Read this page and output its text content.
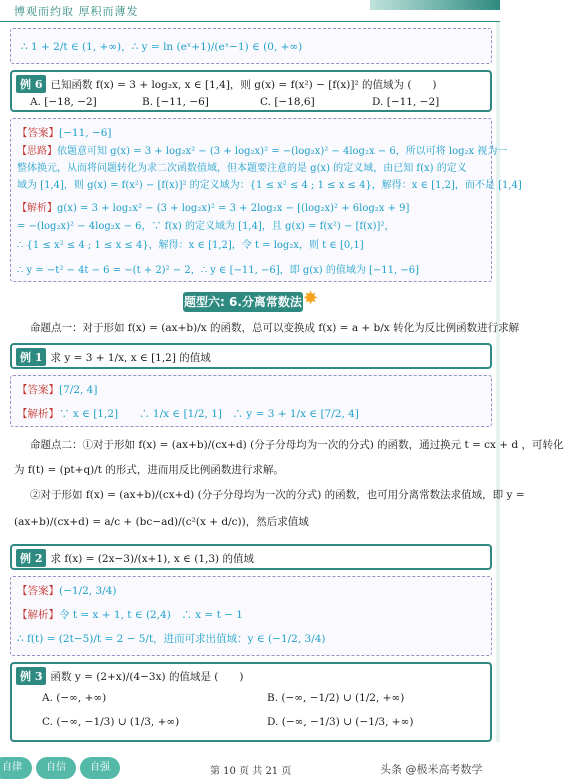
博观而约取 厚积而薄发
∴ 1 + 2/t ∈ (1, +∞)，∴ y = ln (eˣ+1)/(eˣ−1) ∈ (0, +∞)
例 6 已知函数 f(x) = 3 + log₂x, x ∈ [1,4]，则 g(x) = f(x²) − [f(x)]² 的值域为 (　　)
A. [−18, −2]	B. [−11, −6]	C. [−18,6]	D. [−11, −2]
【答案】[−11, −6]
【思路】依题意可知 g(x) = 3 + log₂x² − (3 + log₂x)² = −(log₂x)² − 4log₂x − 6，所以可将 log₂x 视为一
整体换元，从而将问题转化为求二次函数值域，但本题要注意的是 g(x) 的定义域，由已知 f(x) 的定义
域为 [1,4]，则 g(x) = f(x²) − [f(x)]² 的定义域为：{1 ≤ x² ≤ 4 ; 1 ≤ x ≤ 4}，解得：x ∈ [1,2]，而不是 [1,4]
【解析】g(x) = 3 + log₂x² − (3 + log₂x)² = 3 + 2log₂x − [(log₂x)² + 6log₂x + 9]
= −(log₂x)² − 4log₂x − 6，∵ f(x) 的定义域为 [1,4]，且 g(x) = f(x²) − [f(x)]²，
∴ {1 ≤ x² ≤ 4 ; 1 ≤ x ≤ 4}，解得：x ∈ [1,2]，令 t = log₂x，则 t ∈ [0,1]
∴ y = −t² − 4t − 6 = −(t + 2)² − 2，∴ y ∈ [−11, −6]，即 g(x) 的值域为 [−11, −6]
题型六: 6.分离常数法 ✸
命题点一：对于形如 f(x) = (ax+b)/x 的函数，总可以变换成 f(x) = a + b/x 转化为反比例函数进行求解
例 1 求 y = 3 + 1/x, x ∈ [1,2] 的值域
【答案】[7/2, 4]
【解析】∵ x ∈ [1,2]　　∴ 1/x ∈ [1/2, 1]　∴ y = 3 + 1/x ∈ [7/2, 4]
命题点二：①对于形如 f(x) = (ax+b)/(cx+d) (分子分母均为一次的分式) 的函数，通过换元 t = cx + d ，可转化
为 f(t) = (pt+q)/t 的形式，进而用反比例函数进行求解。
②对于形如 f(x) = (ax+b)/(cx+d) (分子分母均为一次的分式) 的函数，也可用分离常数法求值域，即 y =
(ax+b)/(cx+d) = a/c + (bc−ad)/(c²(x + d/c))，然后求值域
例 2 求 f(x) = (2x−3)/(x+1), x ∈ (1,3) 的值域
【答案】(−1/2, 3/4)
【解析】令 t = x + 1, t ∈ (2,4)　∴ x = t − 1
∴ f(t) = (2t−5)/t = 2 − 5/t，进而可求出值域：y ∈ (−1/2, 3/4)
例 3 函数 y = (2+x)/(4−3x) 的值域是 (　　)
A. (−∞, +∞)	B. (−∞, −1/2) ∪ (1/2, +∞)
C. (−∞, −1/3) ∪ (1/3, +∞)	D. (−∞, −1/3) ∪ (−1/3, +∞)
自律	自信	自强	第 10 页 共 21 页	头条 @极米高考数学
